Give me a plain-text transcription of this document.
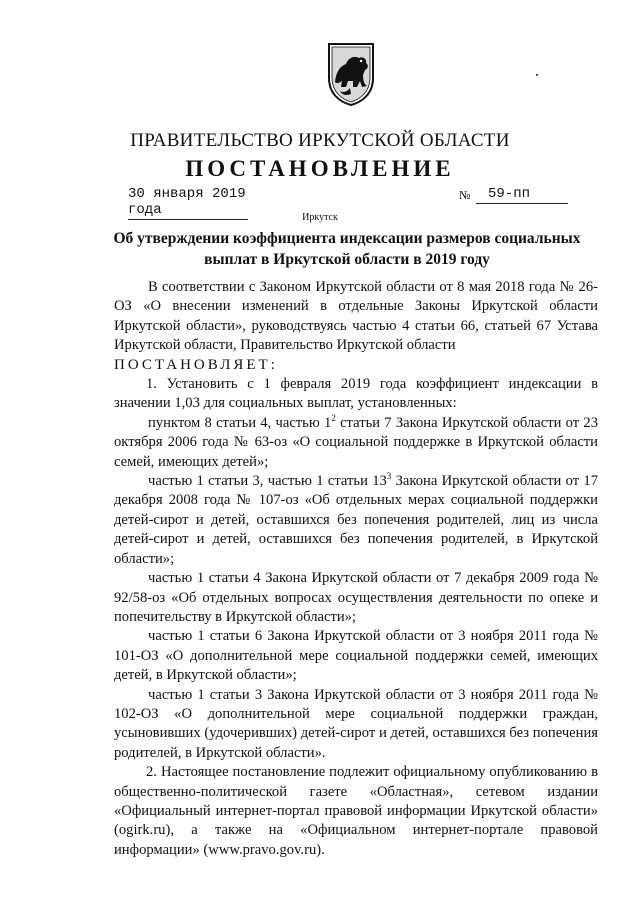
ПРАВИТЕЛЬСТВО ИРКУТСКОЙ ОБЛАСТИ
ПОСТАНОВЛЕНИЕ
30 января 2019 года
№	59-пп
Иркутск
Об утверждении коэффициента индексации размеров социальных выплат в Иркутской области в 2019 году

В соответствии с Законом Иркутской области от 8 мая 2018 года № 26-ОЗ «О внесении изменений в отдельные Законы Иркутской области Иркутской области», руководствуясь частью 4 статьи 66, статьей 67 Устава Иркутской области, Правительство Иркутской области

ПОСТАНОВЛЯЕТ:

1. Установить с 1 февраля 2019 года коэффициент индексации в значении 1,03 для социальных выплат, установленных:

пунктом 8 статьи 4, частью $1^2$ статьи 7 Закона Иркутской области от 23 октября 2006 года № 63-оз «О социальной поддержке в Иркутской области семей, имеющих детей»;

частью 1 статьи 3, частью 1 статьи $13^3$ Закона Иркутской области от 17 декабря 2008 года № 107-оз «Об отдельных мерах социальной поддержки детей-сирот и детей, оставшихся без попечения родителей, лиц из числа детей-сирот и детей, оставшихся без попечения родителей, в Иркутской области»;

частью 1 статьи 4 Закона Иркутской области от 7 декабря 2009 года № 92/58-оз «Об отдельных вопросах осуществления деятельности по опеке и попечительству в Иркутской области»;

частью 1 статьи 6 Закона Иркутской области от 3 ноября 2011 года № 101-ОЗ «О дополнительной мере социальной поддержки семей, имеющих детей, в Иркутской области»;

частью 1 статьи 3 Закона Иркутской области от 3 ноября 2011 года № 102-ОЗ «О дополнительной мере социальной поддержки граждан, усыновивших (удочеривших) детей-сирот и детей, оставшихся без попечения родителей, в Иркутской области».

2. Настоящее постановление подлежит официальному опубликованию в общественно-политической газете «Областная», сетевом издании «Официальный интернет-портал правовой информации Иркутской области» (ogirk.ru), а также на «Официальном интернет-портале правовой информации» (www.pravo.gov.ru).
